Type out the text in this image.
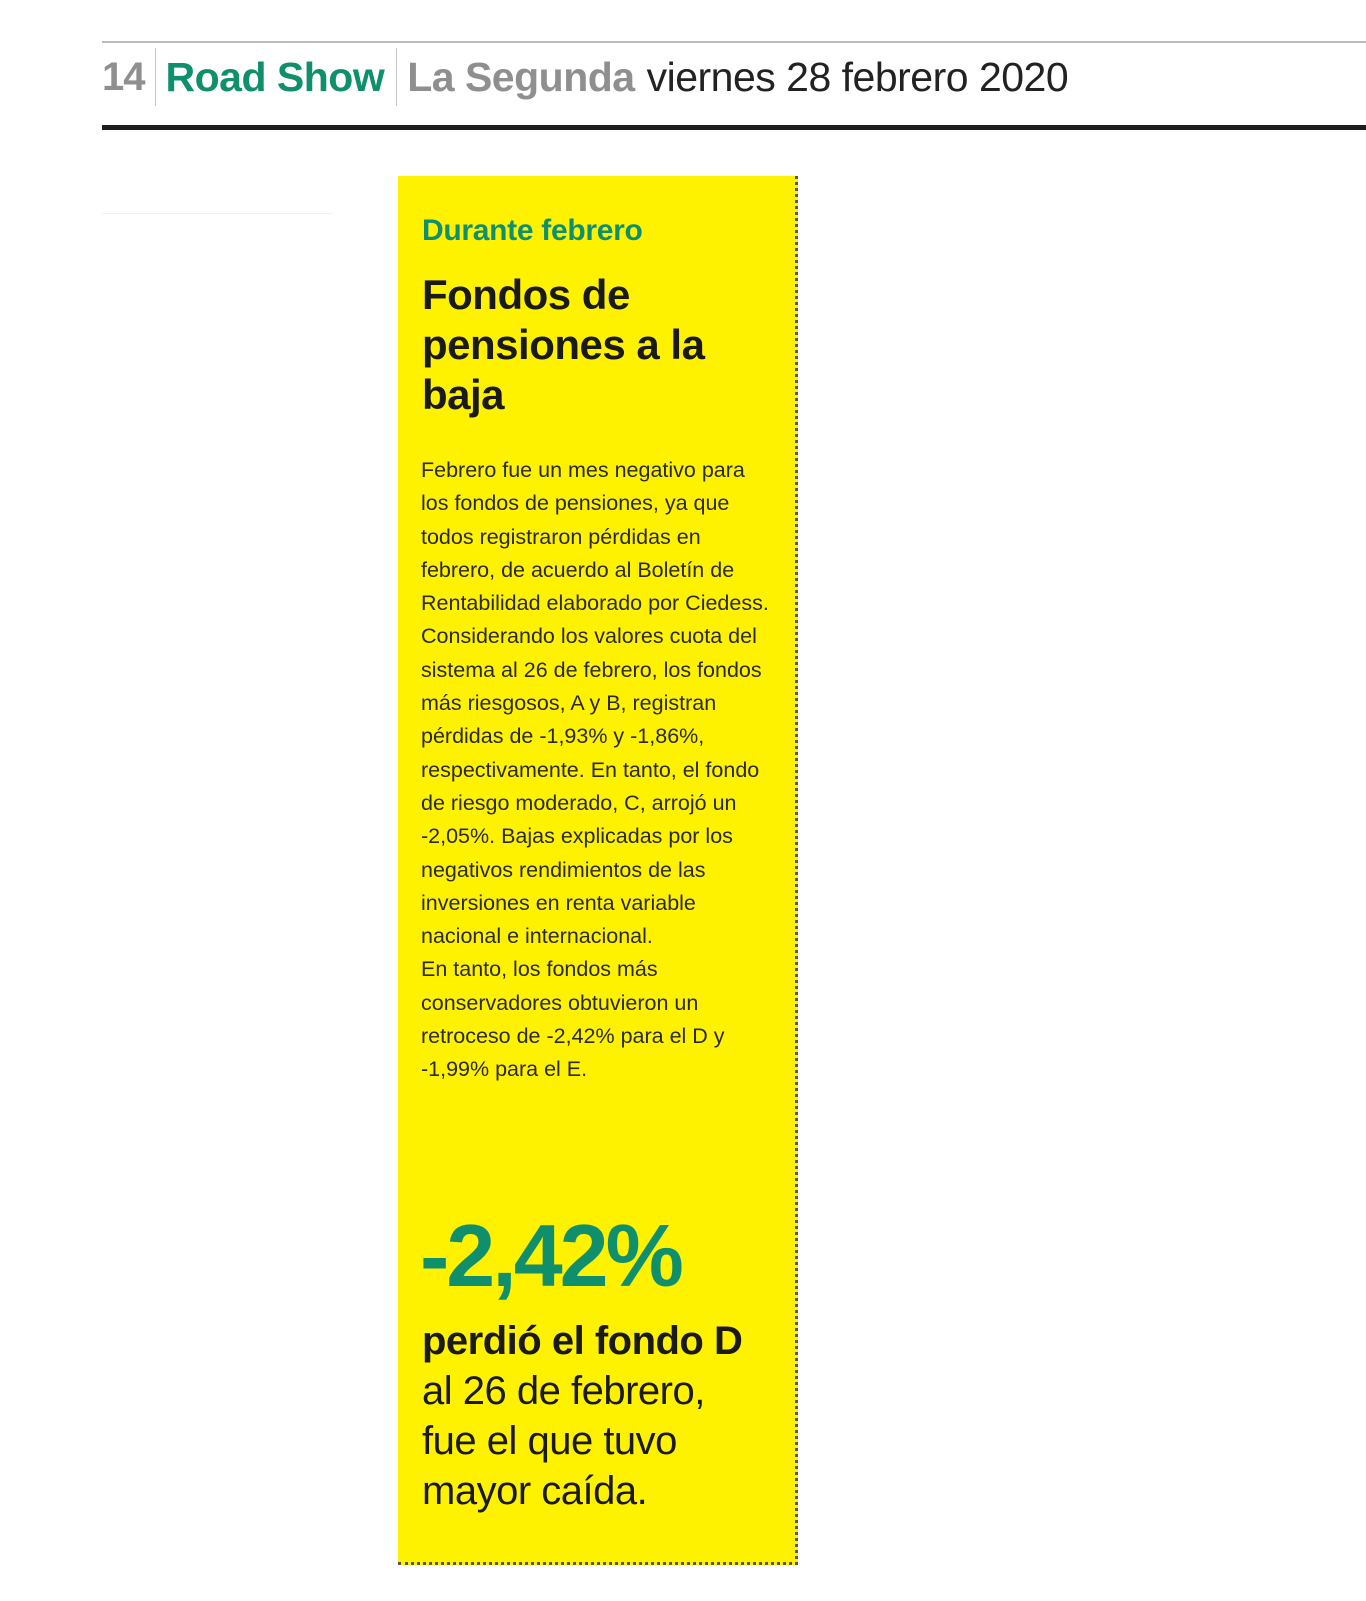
14 Road Show La Segunda viernes 28 febrero 2020
Durante febrero
Fondos de pensiones a la baja

Febrero fue un mes negativo para los fondos de pensiones, ya que todos registraron pérdidas en febrero, de acuerdo al Boletín de Rentabilidad elaborado por Ciedess. Considerando los valores cuota del sistema al 26 de febrero, los fondos más riesgosos, A y B, registran pérdidas de -1,93% y -1,86%, respectivamente. En tanto, el fondo de riesgo moderado, C, arrojó un -2,05%. Bajas explicadas por los negativos rendimientos de las inversiones en renta variable nacional e internacional.

En tanto, los fondos más conservadores obtuvieron un retroceso de -2,42% para el D y -1,99% para el E.

-2,42%
perdió el fondo D
al 26 de febrero,
fue el que tuvo
mayor caída.
